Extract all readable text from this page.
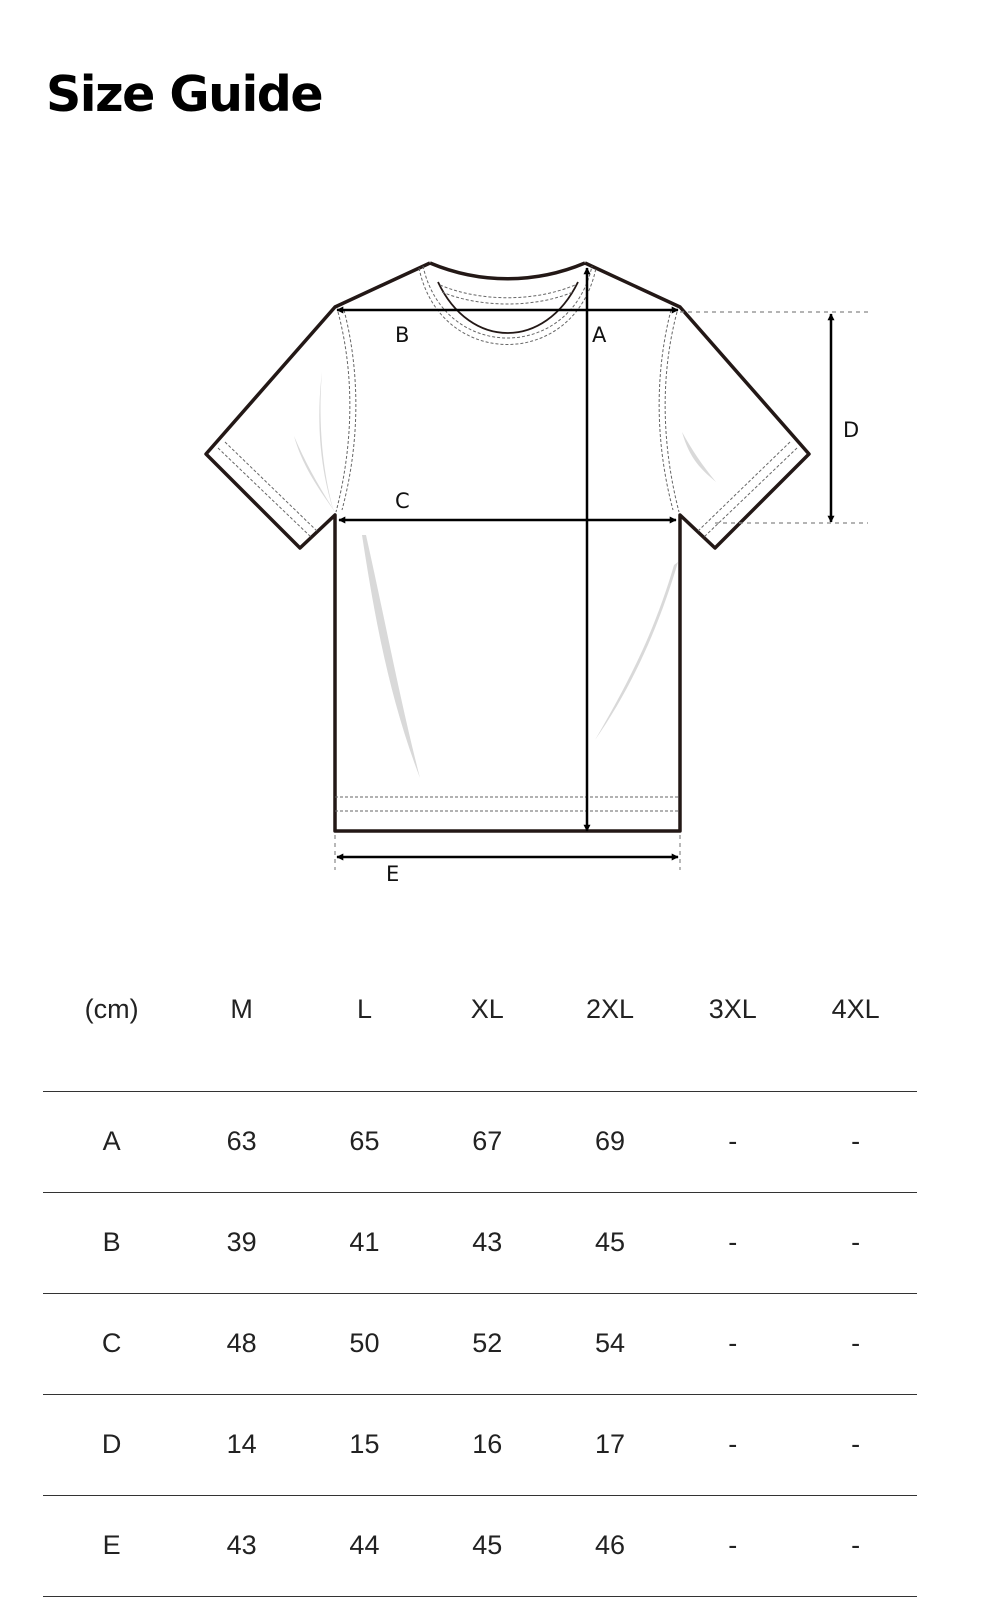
Size Guide
A
B
C
D
E
(cm)	M	L	XL	2XL	3XL	4XL
A	63	65	67	69	-	-
B	39	41	43	45	-	-
C	48	50	52	54	-	-
D	14	15	16	17	-	-
E	43	44	45	46	-	-
